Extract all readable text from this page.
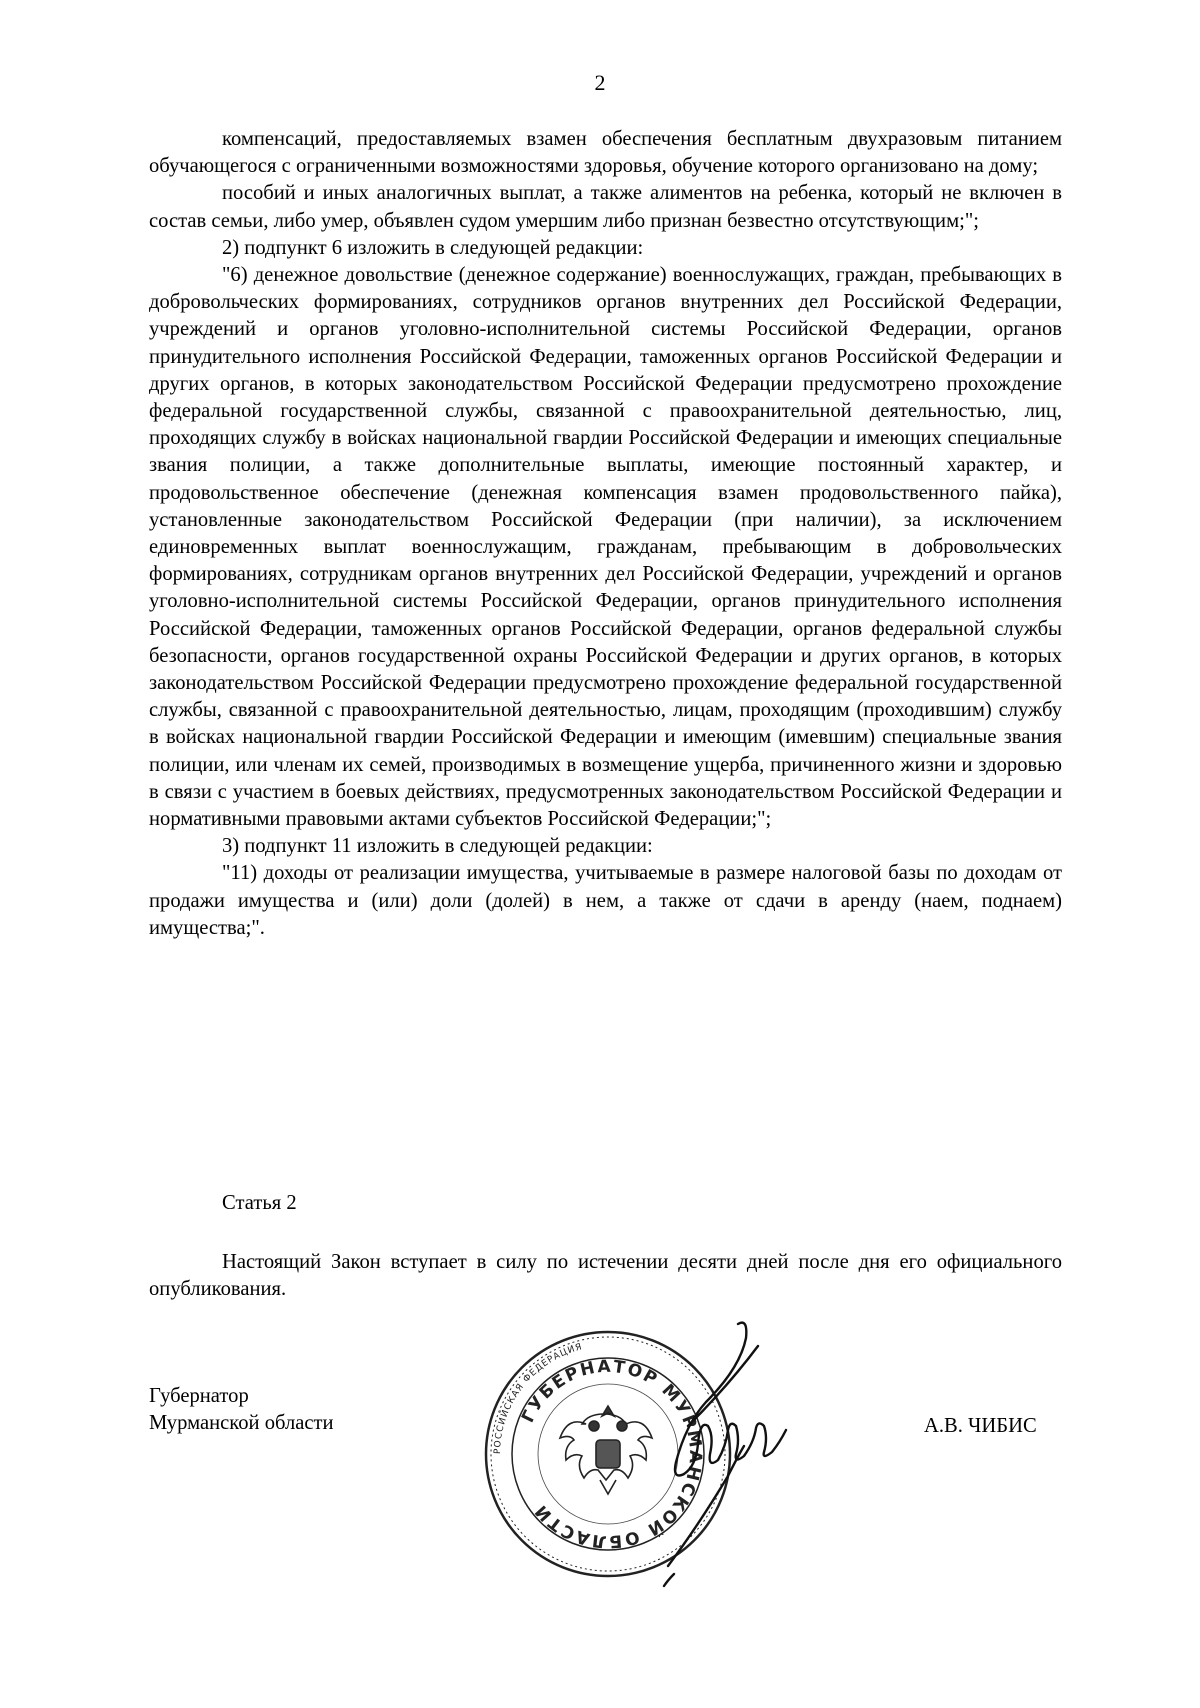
2

компенсаций, предоставляемых взамен обеспечения бесплатным двухразовым питанием обучающегося с ограниченными возможностями здоровья, обучение которого организовано на дому;

пособий и иных аналогичных выплат, а также алиментов на ребенка, который не включен в состав семьи, либо умер, объявлен судом умершим либо признан безвестно отсутствующим;";

2) подпункт 6 изложить в следующей редакции:

"6) денежное довольствие (денежное содержание) военнослужащих, граждан, пребывающих в добровольческих формированиях, сотрудников органов внутренних дел Российской Федерации, учреждений и органов уголовно-исполнительной системы Российской Федерации, органов принудительного исполнения Российской Федерации, таможенных органов Российской Федерации и других органов, в которых законодательством Российской Федерации предусмотрено прохождение федеральной государственной службы, связанной с правоохранительной деятельностью, лиц, проходящих службу в войсках национальной гвардии Российской Федерации и имеющих специальные звания полиции, а также дополнительные выплаты, имеющие постоянный характер, и продовольственное обеспечение (денежная компенсация взамен продовольственного пайка), установленные законодательством Российской Федерации (при наличии), за исключением единовременных выплат военнослужащим, гражданам, пребывающим в добровольческих формированиях, сотрудникам органов внутренних дел Российской Федерации, учреждений и органов уголовно-исполнительной системы Российской Федерации, органов принудительного исполнения Российской Федерации, таможенных органов Российской Федерации, органов федеральной службы безопасности, органов государственной охраны Российской Федерации и других органов, в которых законодательством Российской Федерации предусмотрено прохождение федеральной государственной службы, связанной с правоохранительной деятельностью, лицам, проходящим (проходившим) службу в войсках национальной гвардии Российской Федерации и имеющим (имевшим) специальные звания полиции, или членам их семей, производимых в возмещение ущерба, причиненного жизни и здоровью в связи с участием в боевых действиях, предусмотренных законодательством Российской Федерации и нормативными правовыми актами субъектов Российской Федерации;";

3) подпункт 11 изложить в следующей редакции:

"11) доходы от реализации имущества, учитываемые в размере налоговой базы по доходам от продажи имущества и (или) доли (долей) в нем, а также от сдачи в аренду (наем, поднаем) имущества;".

Статья 2

Настоящий Закон вступает в силу по истечении десяти дней после дня его официального опубликования.

Губернатор
Мурманской области
РОССИЙСКАЯ ФЕДЕРАЦИЯ
ГУБЕРНАТОР МУРМАНСКОЙ ОБЛАСТИ
А.В. ЧИБИС
